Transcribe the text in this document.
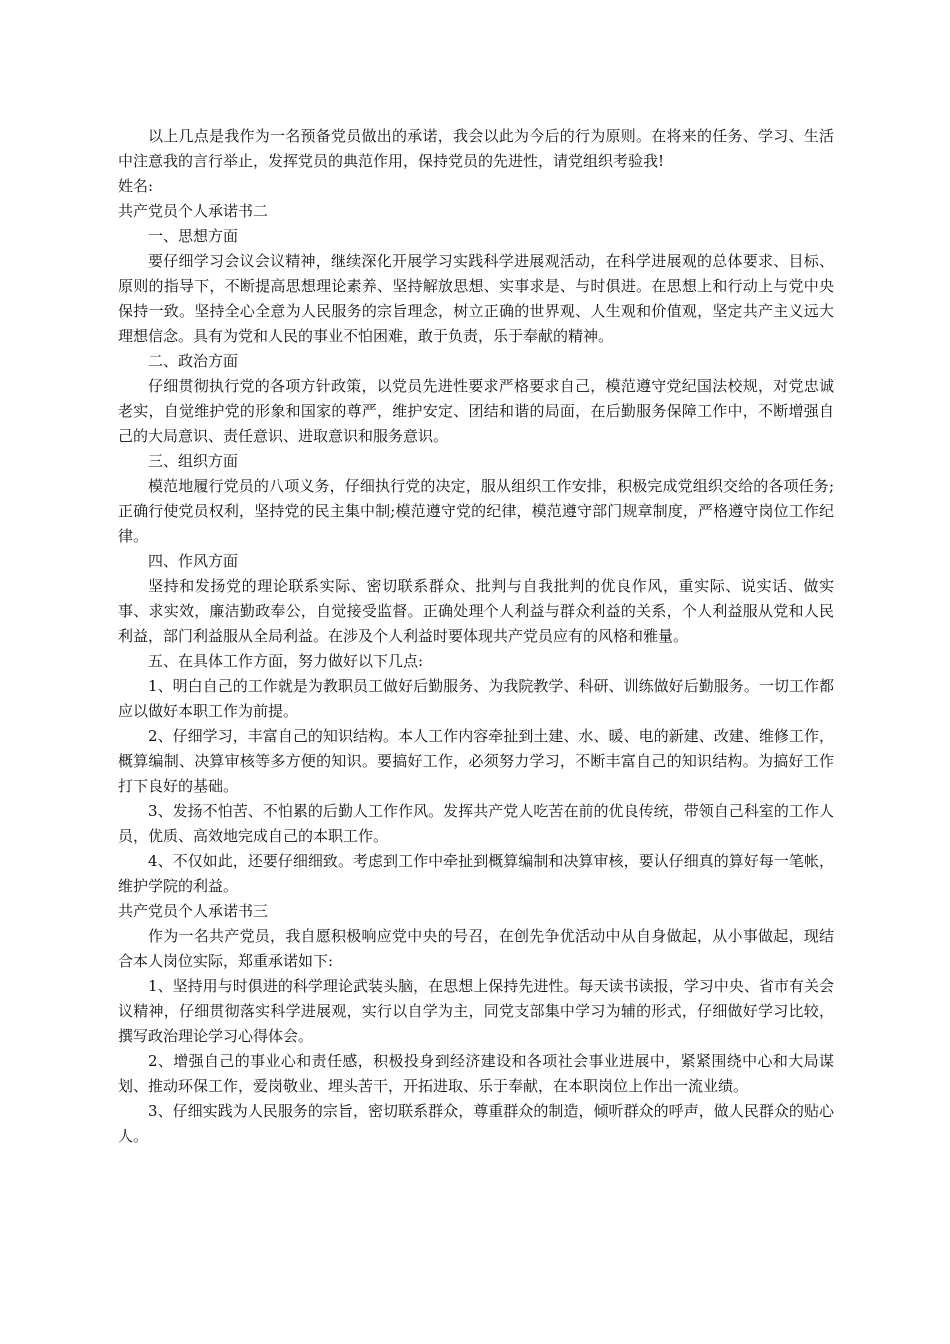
以上几点是我作为一名预备党员做出的承诺，我会以此为今后的行为原则。在将来的任务、学习、生活中注意我的言行举止，发挥党员的典范作用，保持党员的先进性，请党组织考验我!

姓名:

共产党员个人承诺书二

一、思想方面

要仔细学习会议会议精神，继续深化开展学习实践科学进展观活动，在科学进展观的总体要求、目标、原则的指导下，不断提高思想理论素养、坚持解放思想、实事求是、与时俱进。在思想上和行动上与党中央保持一致。坚持全心全意为人民服务的宗旨理念，树立正确的世界观、人生观和价值观，坚定共产主义远大理想信念。具有为党和人民的事业不怕困难，敢于负责，乐于奉献的精神。

二、政治方面

仔细贯彻执行党的各项方针政策，以党员先进性要求严格要求自己，模范遵守党纪国法校规，对党忠诚老实，自觉维护党的形象和国家的尊严，维护安定、团结和谐的局面，在后勤服务保障工作中，不断增强自己的大局意识、责任意识、进取意识和服务意识。

三、组织方面

模范地履行党员的八项义务，仔细执行党的决定，服从组织工作安排，积极完成党组织交给的各项任务;正确行使党员权利，坚持党的民主集中制;模范遵守党的纪律，模范遵守部门规章制度，严格遵守岗位工作纪律。

四、作风方面

坚持和发扬党的理论联系实际、密切联系群众、批判与自我批判的优良作风，重实际、说实话、做实事、求实效，廉洁勤政奉公，自觉接受监督。正确处理个人利益与群众利益的关系，个人利益服从党和人民利益，部门利益服从全局利益。在涉及个人利益时要体现共产党员应有的风格和雅量。

五、在具体工作方面，努力做好以下几点:

1、明白自己的工作就是为教职员工做好后勤服务、为我院教学、科研、训练做好后勤服务。一切工作都应以做好本职工作为前提。

2、仔细学习，丰富自己的知识结构。本人工作内容牵扯到土建、水、暖、电的新建、改建、维修工作，概算编制、决算审核等多方便的知识。要搞好工作，必须努力学习，不断丰富自己的知识结构。为搞好工作打下良好的基础。

3、发扬不怕苦、不怕累的后勤人工作作风。发挥共产党人吃苦在前的优良传统，带领自己科室的工作人员，优质、高效地完成自己的本职工作。

4、不仅如此，还要仔细细致。考虑到工作中牵扯到概算编制和决算审核，要认仔细真的算好每一笔帐，维护学院的利益。

共产党员个人承诺书三

作为一名共产党员，我自愿积极响应党中央的号召，在创先争优活动中从自身做起，从小事做起，现结合本人岗位实际，郑重承诺如下:

1、坚持用与时俱进的科学理论武装头脑，在思想上保持先进性。每天读书读报，学习中央、省市有关会议精神，仔细贯彻落实科学进展观，实行以自学为主，同党支部集中学习为辅的形式，仔细做好学习比较，撰写政治理论学习心得体会。

2、增强自己的事业心和责任感，积极投身到经济建设和各项社会事业进展中，紧紧围绕中心和大局谋划、推动环保工作，爱岗敬业、埋头苦干，开拓进取、乐于奉献，在本职岗位上作出一流业绩。

3、仔细实践为人民服务的宗旨，密切联系群众，尊重群众的制造，倾听群众的呼声，做人民群众的贴心人。
